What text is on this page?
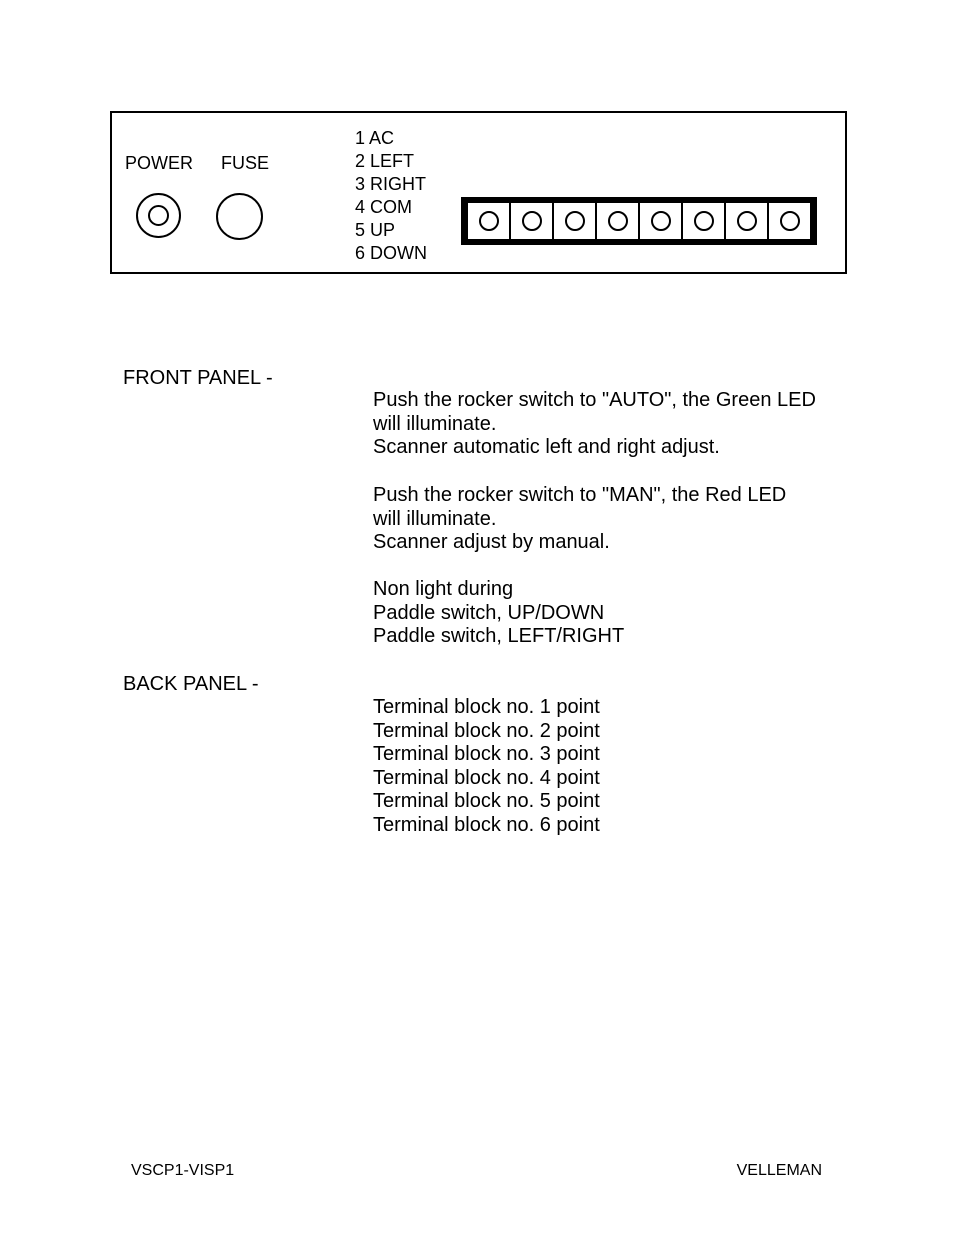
POWER FUSE
1 AC
2 LEFT
3 RIGHT
4 COM
5 UP
6 DOWN
FRONT PANEL -
Push the rocker switch to "AUTO", the Green LED
will illuminate.
Scanner automatic left and right adjust.
Push the rocker switch to "MAN", the Red LED
will illuminate.
Scanner adjust by manual.
Non light during
Paddle switch, UP/DOWN
Paddle switch, LEFT/RIGHT
BACK PANEL -
Terminal block no. 1 point
Terminal block no. 2 point
Terminal block no. 3 point
Terminal block no. 4 point
Terminal block no. 5 point
Terminal block no. 6 point
VSCP1-VISP1	VELLEMAN
